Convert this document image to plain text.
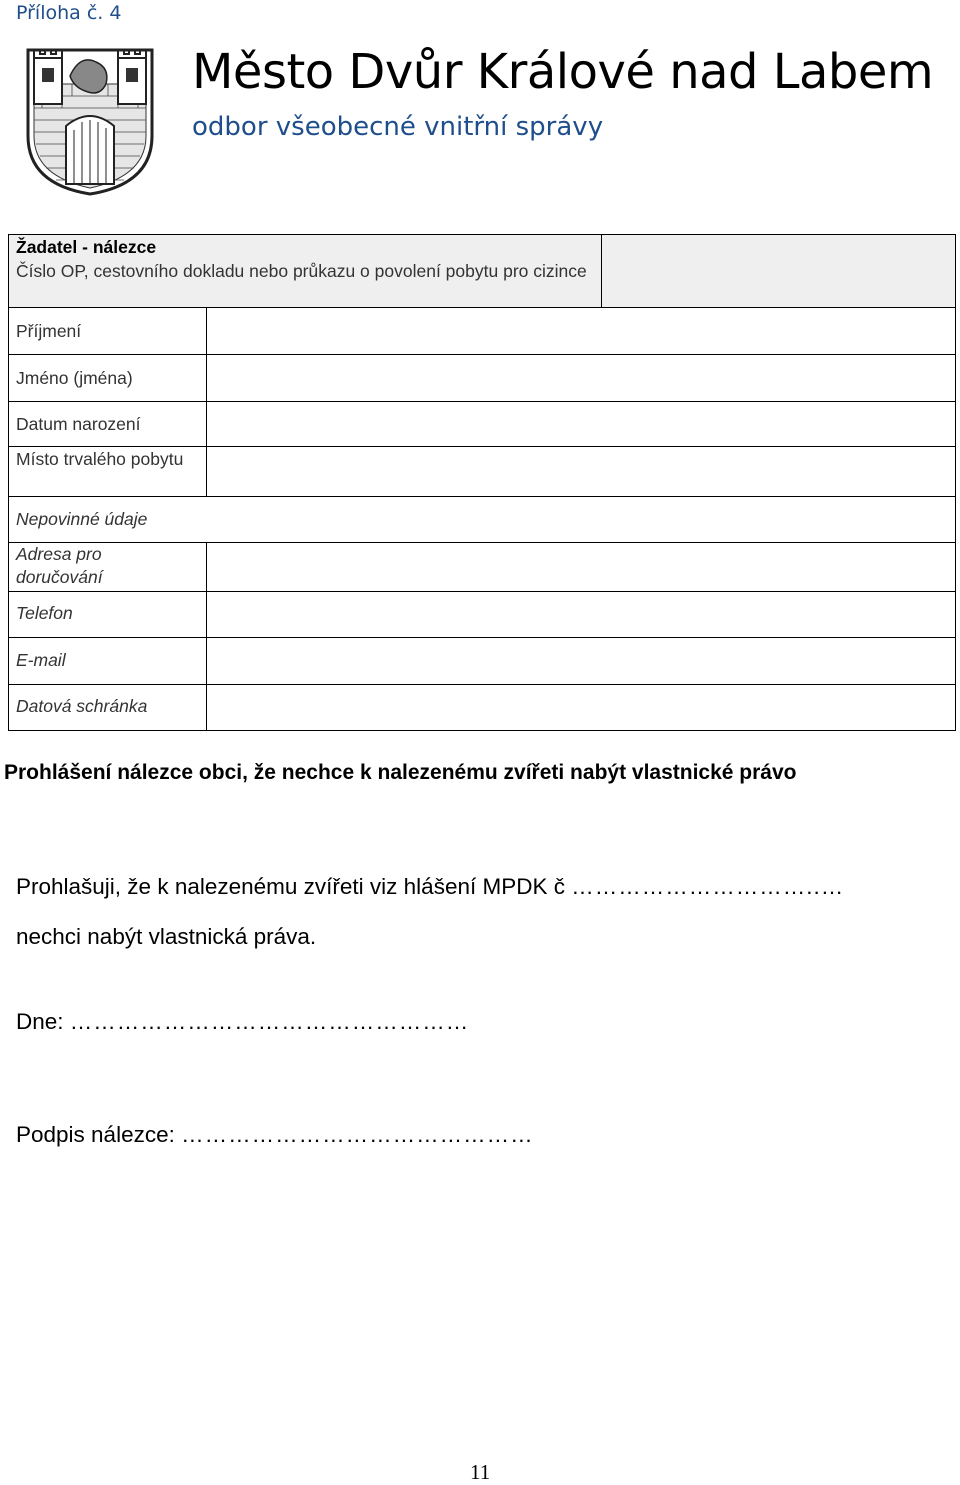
Příloha č. 4
Město Dvůr Králové nad Labem
odbor všeobecné vnitřní správy
Žadatel - nálezce
Číslo OP, cestovního dokladu nebo průkazu o povolení pobytu pro cizince
Příjmení
Jméno (jména)
Datum narození
Místo trvalého pobytu
Nepovinné údaje
Adresa pro doručování
Telefon
E-mail
Datová schránka
Prohlášení nálezce obci, že nechce k nalezenému zvířeti nabýt vlastnické právo
Prohlašuji, že k nalezenému zvířeti viz hlášení MPDK č …………………………..…
nechci nabýt vlastnická práva.
Dne: ……………………………………………
Podpis nálezce: ………………………………………
11
